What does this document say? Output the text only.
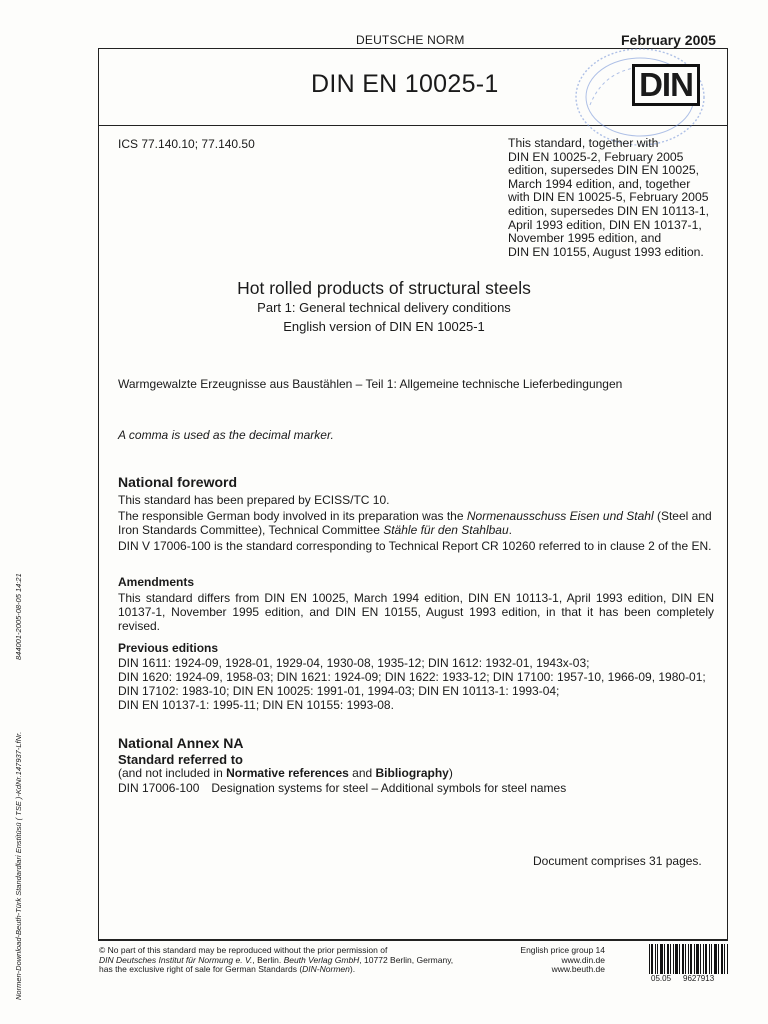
DEUTSCHE NORM	February 2005
DIN EN 10025-1	DIN
ICS 77.140.10; 77.140.50	This standard, together with
DIN EN 10025-2, February 2005
edition, supersedes DIN EN 10025,
March 1994 edition, and, together
with DIN EN 10025-5, February 2005
edition, supersedes DIN EN 10113-1,
April 1993 edition, DIN EN 10137-1,
November 1995 edition, and
DIN EN 10155, August 1993 edition.
Hot rolled products of structural steels
Part 1: General technical delivery conditions
English version of DIN EN 10025-1
Warmgewalzte Erzeugnisse aus Baustählen – Teil 1: Allgemeine technische Lieferbedingungen
A comma is used as the decimal marker.
National foreword
This standard has been prepared by ECISS/TC 10.
The responsible German body involved in its preparation was the Normenausschuss Eisen und Stahl (Steel and Iron Standards Committee), Technical Committee Stähle für den Stahlbau.
DIN V 17006-100 is the standard corresponding to Technical Report CR 10260 referred to in clause 2 of the EN.
Amendments
This standard differs from DIN EN 10025, March 1994 edition, DIN EN 10113-1, April 1993 edition, DIN EN 10137-1, November 1995 edition, and DIN EN 10155, August 1993 edition, in that it has been completely revised.
Previous editions
DIN 1611: 1924-09, 1928-01, 1929-04, 1930-08, 1935-12; DIN 1612: 1932-01, 1943x-03;
DIN 1620: 1924-09, 1958-03; DIN 1621: 1924-09; DIN 1622: 1933-12; DIN 17100: 1957-10, 1966-09, 1980-01;
DIN 17102: 1983-10; DIN EN 10025: 1991-01, 1994-03; DIN EN 10113-1: 1993-04;
DIN EN 10137-1: 1995-11; DIN EN 10155: 1993-08.
National Annex NA
Standard referred to
(and not included in Normative references and Bibliography)
DIN 17006-100 Designation systems for steel – Additional symbols for steel names
Document comprises 31 pages.
© No part of this standard may be reproduced without the prior permission of
DIN Deutsches Institut für Normung e. V., Berlin. Beuth Verlag GmbH, 10772 Berlin, Germany,
has the exclusive right of sale for German Standards (DIN-Normen).
English price group 14
www.din.de
www.beuth.de
05.05 9627913
Normen-Download-Beuth-Türk Standardlari Enstitüsü ( TSE )-KdNr.147937-LfNr.
844001-2005-08-05 14:21
